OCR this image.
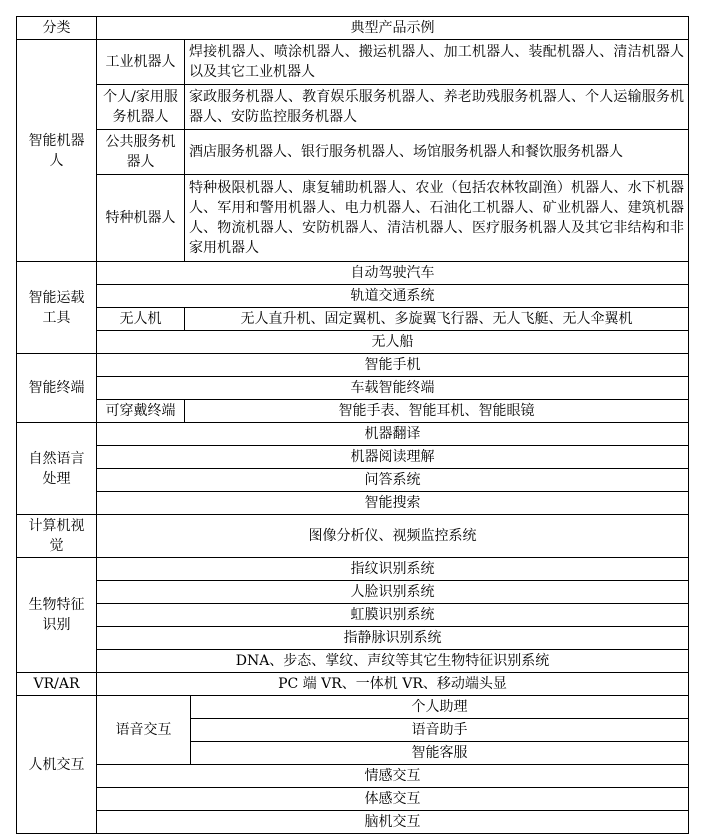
分类	典型产品示例		
智能机器人	工业机器人	焊接机器人、喷涂机器人、搬运机器人、加工机器人、装配机器人、清洁机器人以及其它工业机器人	
	个人/家用服务机器人	家政服务机器人、教育娱乐服务机器人、养老助残服务机器人、个人运输服务机器人、安防监控服务机器人	
	公共服务机器人	酒店服务机器人、银行服务机器人、场馆服务机器人和餐饮服务机器人	
	特种机器人	特种极限机器人、康复辅助机器人、农业（包括农林牧副渔）机器人、水下机器人、军用和警用机器人、电力机器人、石油化工机器人、矿业机器人、建筑机器人、物流机器人、安防机器人、清洁机器人、医疗服务机器人及其它非结构和非家用机器人	
智能运载工具	自动驾驶汽车		
	轨道交通系统		
	无人机	无人直升机、固定翼机、多旋翼飞行器、无人飞艇、无人伞翼机	
	无人船		
智能终端	智能手机		
	车载智能终端		
	可穿戴终端	智能手表、智能耳机、智能眼镜	
自然语言处理	机器翻译		
	机器阅读理解		
	问答系统		
	智能搜索		
计算机视觉	图像分析仪、视频监控系统		
生物特征识别	指纹识别系统		
	人脸识别系统		
	虹膜识别系统		
	指静脉识别系统		
	DNA、步态、掌纹、声纹等其它生物特征识别系统		
VR/AR	PC 端 VR、一体机 VR、移动端头显		
人机交互	语音交互		个人助理
			语音助手
			智能客服
	情感交互		
	体感交互		
	脑机交互		
